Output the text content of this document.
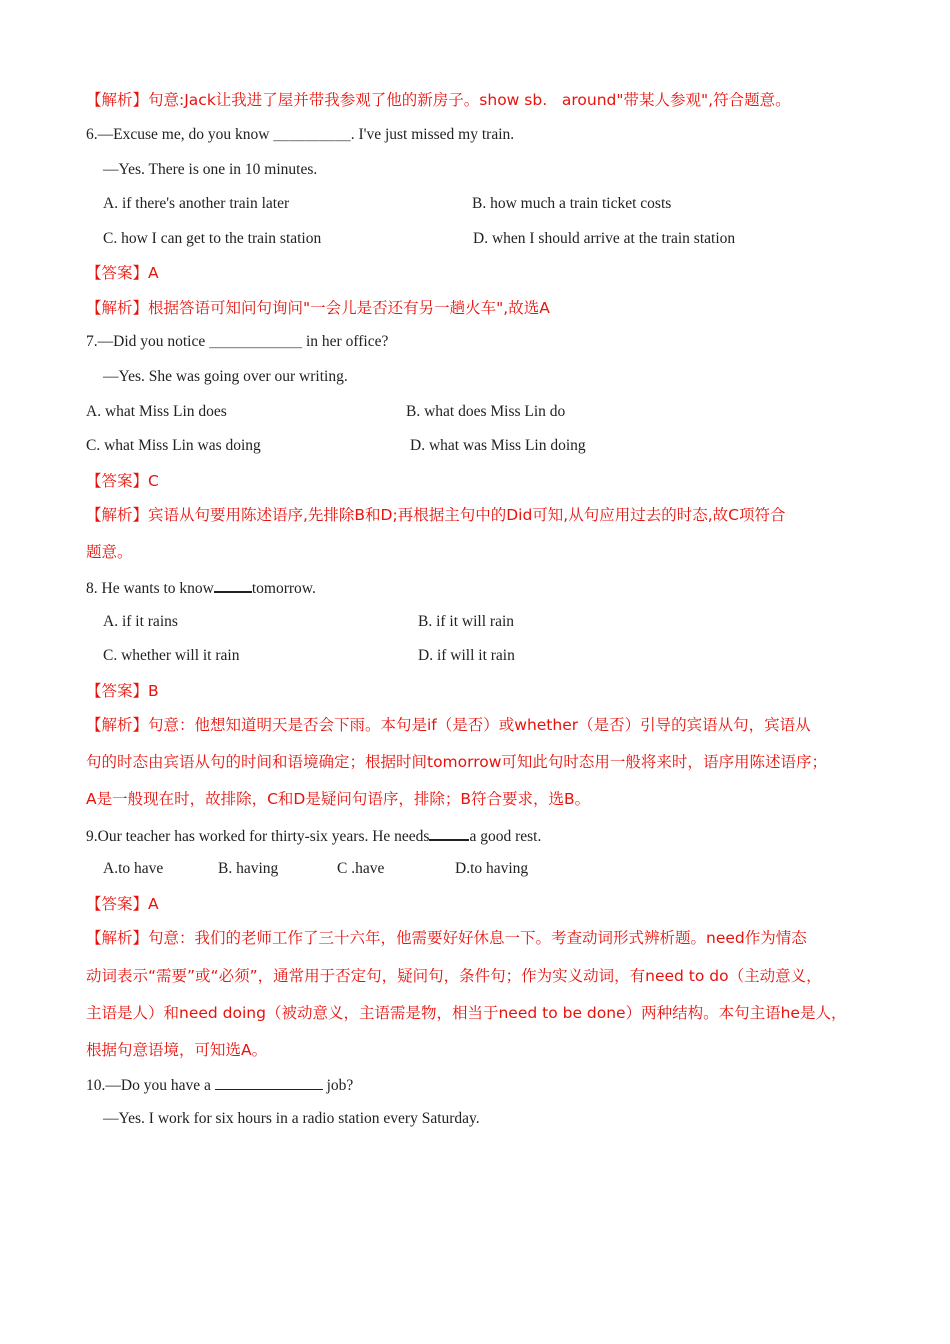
【解析】句意:Jack让我进了屋并带我参观了他的新房子。show sb.   around"带某人参观",符合题意。
6.—Excuse me, do you know ＿＿＿＿＿. I've just missed my train.
—Yes. There is one in 10 minutes.
A. if there's another train later	B. how much a train ticket costs
C. how I can get to the train station	D. when I should arrive at the train station
【答案】A
【解析】根据答语可知问句询问"一会儿是否还有另一趟火车",故选A
7.—Did you notice ＿＿＿＿＿＿ in her office?
—Yes. She was going over our writing.
A. what Miss Lin does	B. what does Miss Lin do
C. what Miss Lin was doing	D. what was Miss Lin doing
【答案】C
【解析】宾语从句要用陈述语序,先排除B和D;再根据主句中的Did可知,从句应用过去的时态,故C项符合
题意。
8. He wants to know tomorrow.
A. if it rains	B. if it will rain
C. whether will it rain	D. if will it rain
【答案】B
【解析】句意：他想知道明天是否会下雨。本句是if（是否）或whether（是否）引导的宾语从句，宾语从
句的时态由宾语从句的时间和语境确定；根据时间tomorrow可知此句时态用一般将来时，语序用陈述语序；
A是一般现在时，故排除，C和D是疑问句语序，排除；B符合要求，选B。
9.Our teacher has worked for thirty-six years. He needs	a good rest.
A.to have	B. having	C .have	D.to having
【答案】A
【解析】句意：我们的老师工作了三十六年，他需要好好休息一下。考查动词形式辨析题。need作为情态
动词表示“需要”或“必须”，通常用于否定句，疑问句，条件句；作为实义动词，有need to do（主动意义，
主语是人）和need doing（被动意义，主语需是物，相当于need to be done）两种结构。本句主语he是人，
根据句意语境，可知选A。
10.—Do you have a	job?
—Yes. I work for six hours in a radio station every Saturday.
